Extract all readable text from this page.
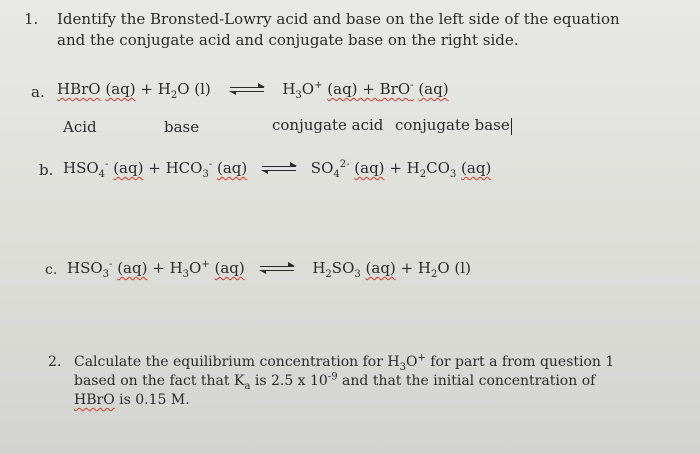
1. Identify the Bronsted-Lowry acid and base on the left side of the equation
and the conjugate acid and conjugate base on the right side.
a. HBrO $(aq) + H_2O$ (l)	$H_3O^+$ (aq) + BrO- (aq)
Acid	base	conjugate acid conjugate base
b. $HSO_4^-$ $(aq) + HCO_3^-$ (aq)	$SO_4^{2-}$ $(aq) + H_2CO_3$ (aq)
c. $HSO_3^-$ $(aq) + H_3O^+$ (aq)	$H_2SO_3$ $(aq) + H_2O$ (l)
2. Calculate the equilibrium concentration for $H_3O^+$ for part a from question 1
based on the fact that $K_a$ is 2.5 x $10^{-9}$ and that the initial concentration of
HBrO is 0.15 M.
